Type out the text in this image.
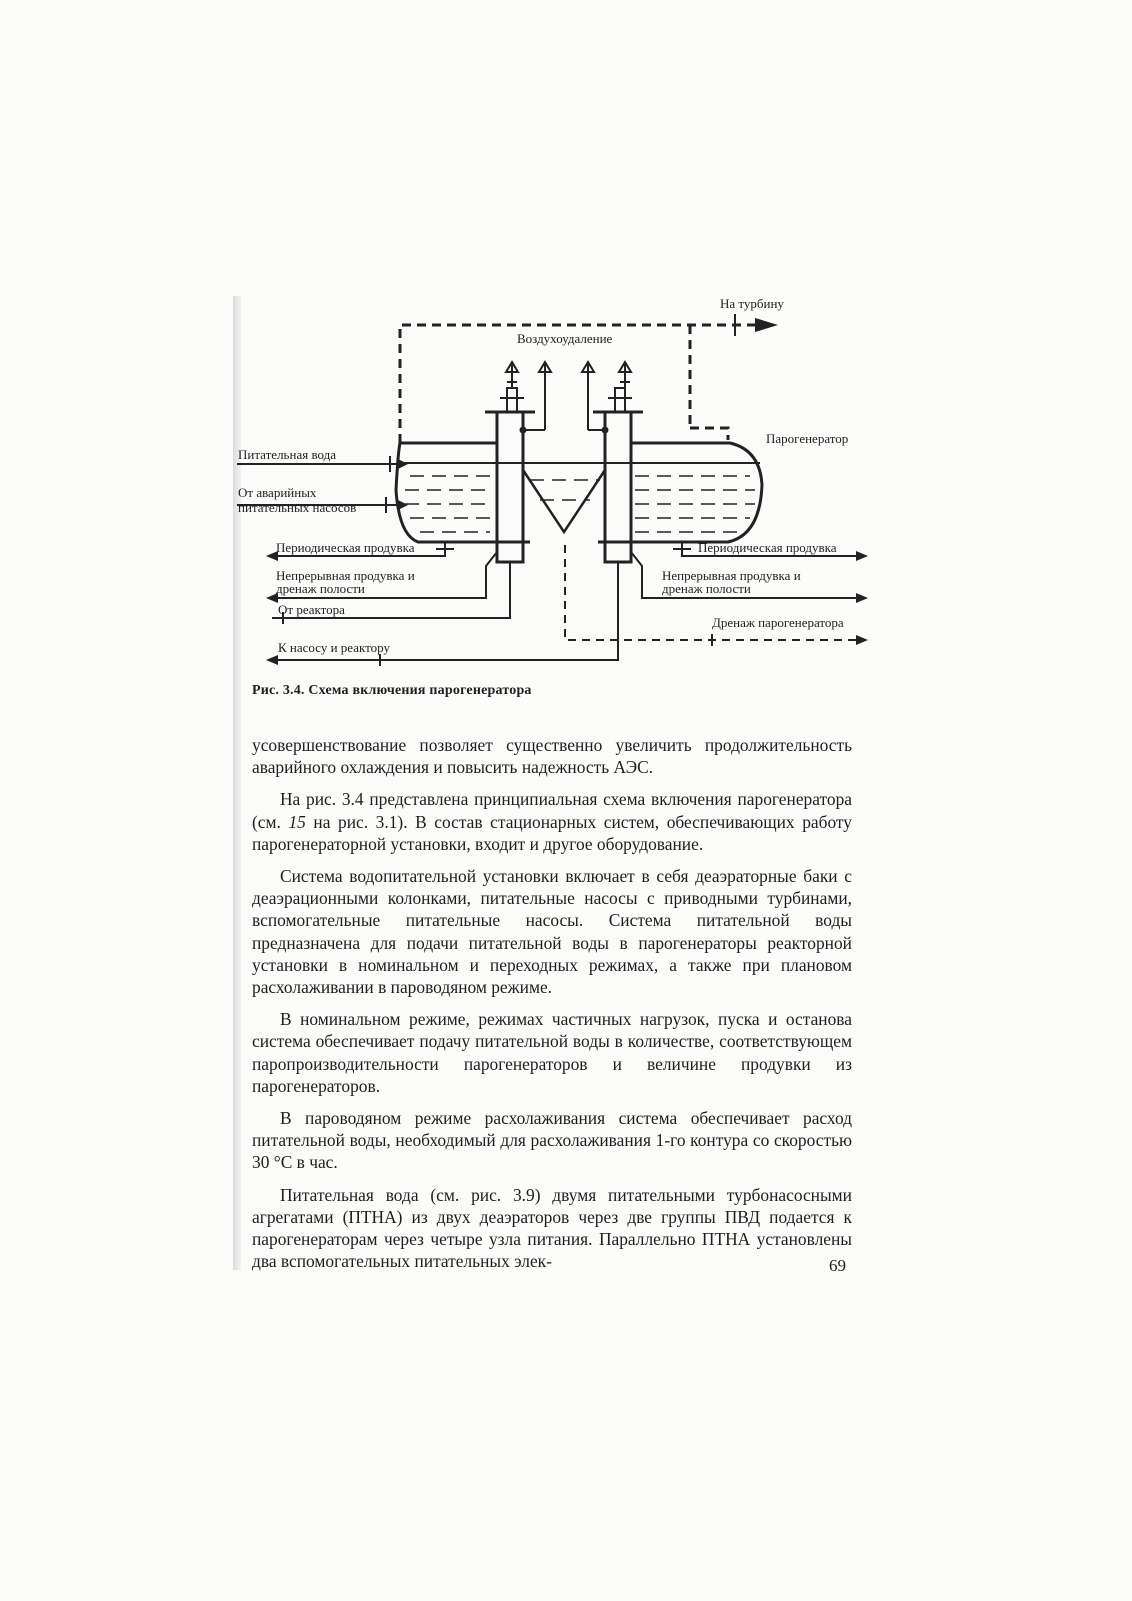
На турбину
Воздухоудаление
Парогенератор
Питательная вода
От аварийных
питательных насосов
Периодическая продувка	Периодическая продувка
Непрерывная продувка и
дренаж полости
Непрерывная продувка и
дренаж полости
От реактора
Дренаж парогенератора
К насосу и реактору
Рис. 3.4. Схема включения парогенератора

усовершенствование позволяет существенно увеличить продолжительность аварийного охлаждения и повысить надежность АЭС.

На рис. 3.4 представлена принципиальная схема включения парогенератора (см. 15 на рис. 3.1). В состав стационарных систем, обеспечивающих работу парогенераторной установки, входит и другое оборудование.

Система водопитательной установки включает в себя деаэраторные баки с деаэрационными колонками, питательные насосы с приводными турбинами, вспомогательные питательные насосы. Система питательной воды предназначена для подачи питательной воды в парогенераторы реакторной установки в номинальном и переходных режимах, а также при плановом расхолаживании в пароводяном режиме.

В номинальном режиме, режимах частичных нагрузок, пуска и останова система обеспечивает подачу питательной воды в количестве, соответствующем паропроизводительности парогенераторов и величине продувки из парогенераторов.

В пароводяном режиме расхолаживания система обеспечивает расход питательной воды, необходимый для расхолаживания 1-го контура со скоростью 30 °С в час.

Питательная вода (см. рис. 3.9) двумя питательными турбонасосными агрегатами (ПТНА) из двух деаэраторов через две группы ПВД подается к парогенераторам через четыре узла питания. Параллельно ПТНА установлены два вспомогательных питательных элек-	69
